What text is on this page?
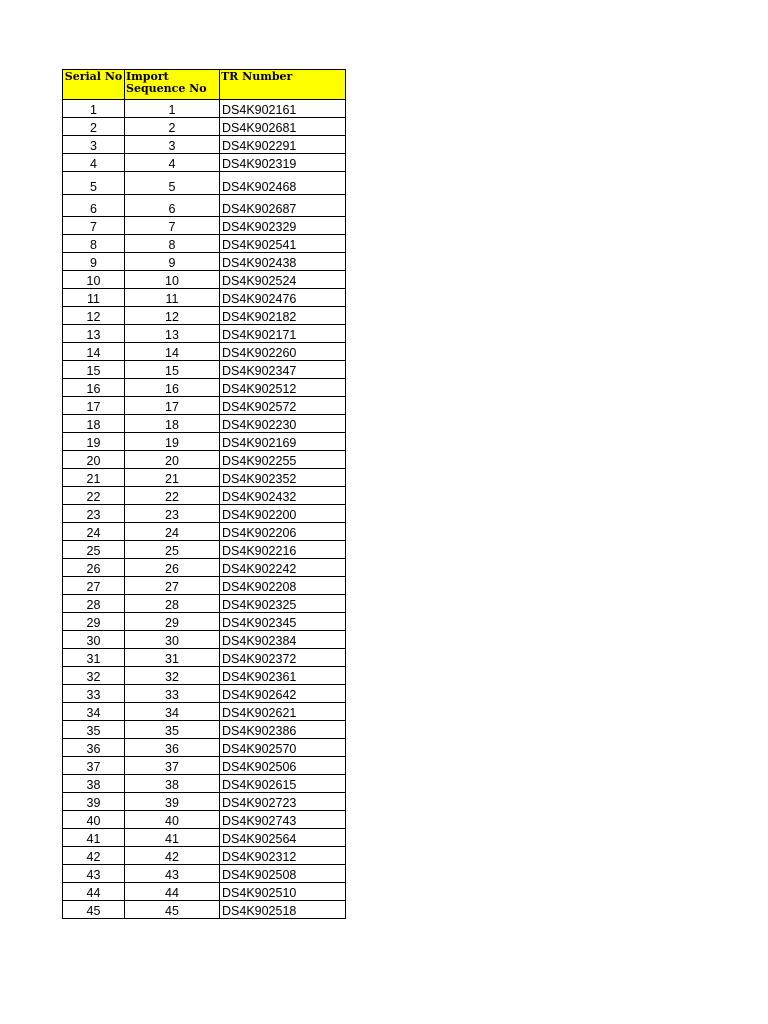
Serial No	Import Sequence No	TR Number
1	1	DS4K902161
2	2	DS4K902681
3	3	DS4K902291
4	4	DS4K902319
5	5	DS4K902468
6	6	DS4K902687
7	7	DS4K902329
8	8	DS4K902541
9	9	DS4K902438
10	10	DS4K902524
11	11	DS4K902476
12	12	DS4K902182
13	13	DS4K902171
14	14	DS4K902260
15	15	DS4K902347
16	16	DS4K902512
17	17	DS4K902572
18	18	DS4K902230
19	19	DS4K902169
20	20	DS4K902255
21	21	DS4K902352
22	22	DS4K902432
23	23	DS4K902200
24	24	DS4K902206
25	25	DS4K902216
26	26	DS4K902242
27	27	DS4K902208
28	28	DS4K902325
29	29	DS4K902345
30	30	DS4K902384
31	31	DS4K902372
32	32	DS4K902361
33	33	DS4K902642
34	34	DS4K902621
35	35	DS4K902386
36	36	DS4K902570
37	37	DS4K902506
38	38	DS4K902615
39	39	DS4K902723
40	40	DS4K902743
41	41	DS4K902564
42	42	DS4K902312
43	43	DS4K902508
44	44	DS4K902510
45	45	DS4K902518
